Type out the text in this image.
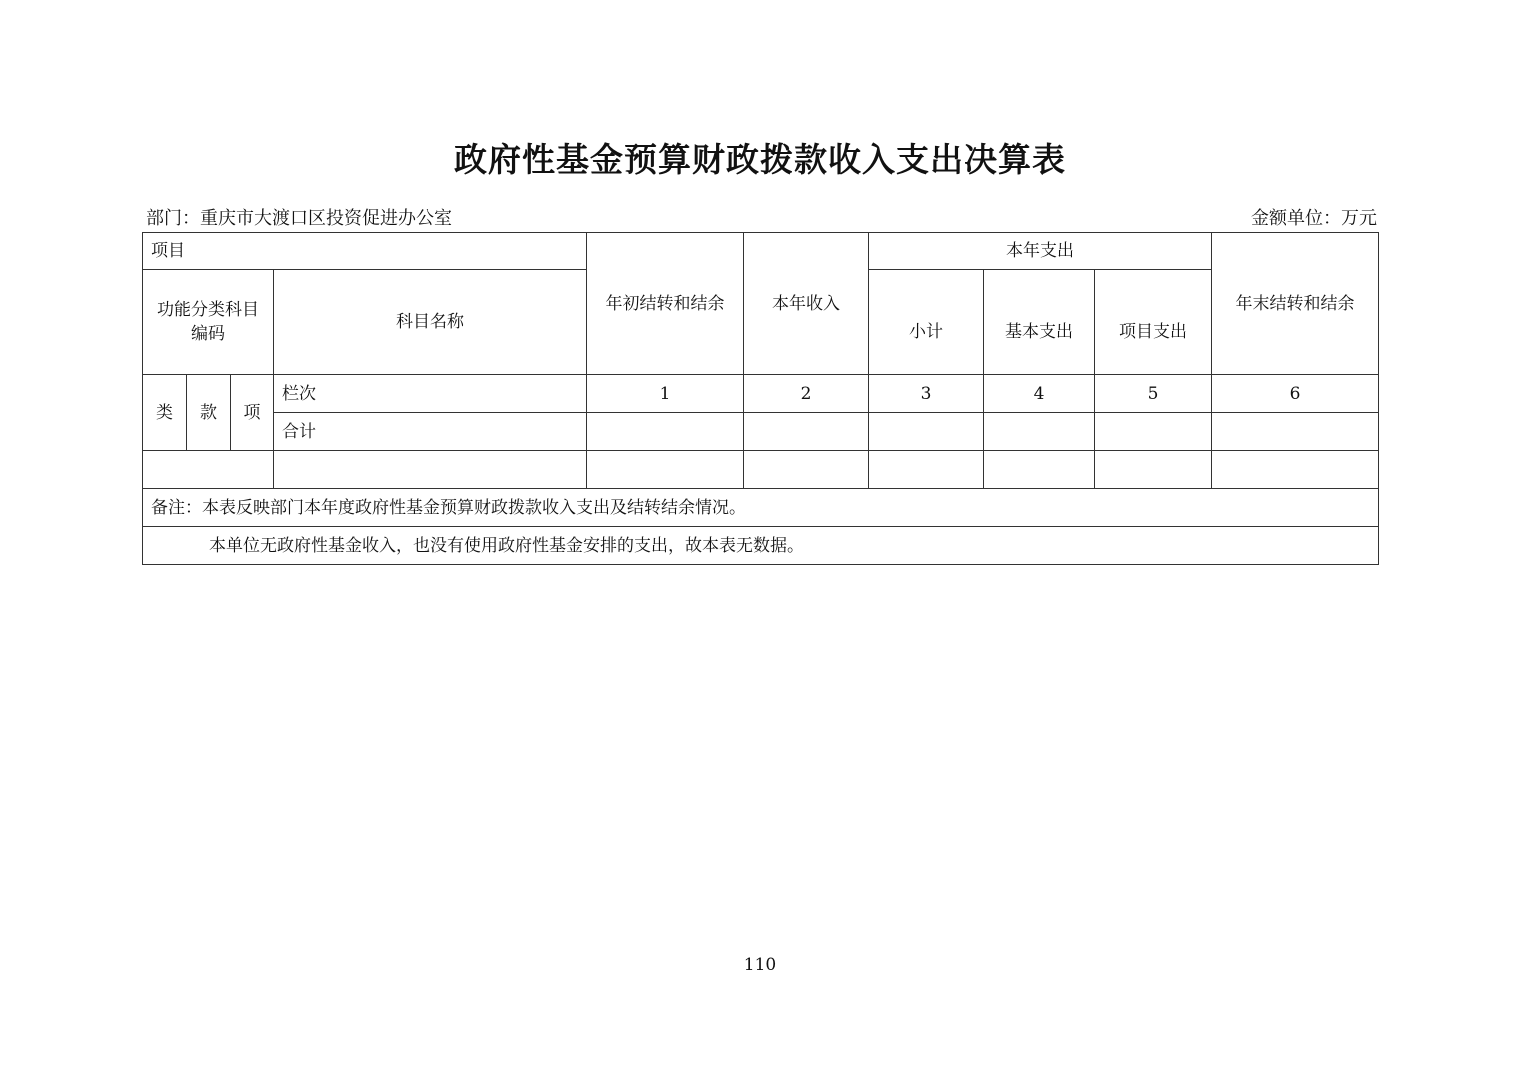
政府性基金预算财政拨款收入支出决算表
部门：重庆市大渡口区投资促进办公室	金额单位：万元
项目				年初结转和结余	本年收入	本年支出			年末结转和结余
功能分类科目编码			科目名称			小计	基本支出	项目支出	
类	款	项	栏次	1	2	3	4	5	6
			合计						

备注：本表反映部门本年度政府性基金预算财政拨款收入支出及结转结余情况。									
本单位无政府性基金收入，也没有使用政府性基金安排的支出，故本表无数据。									
110
